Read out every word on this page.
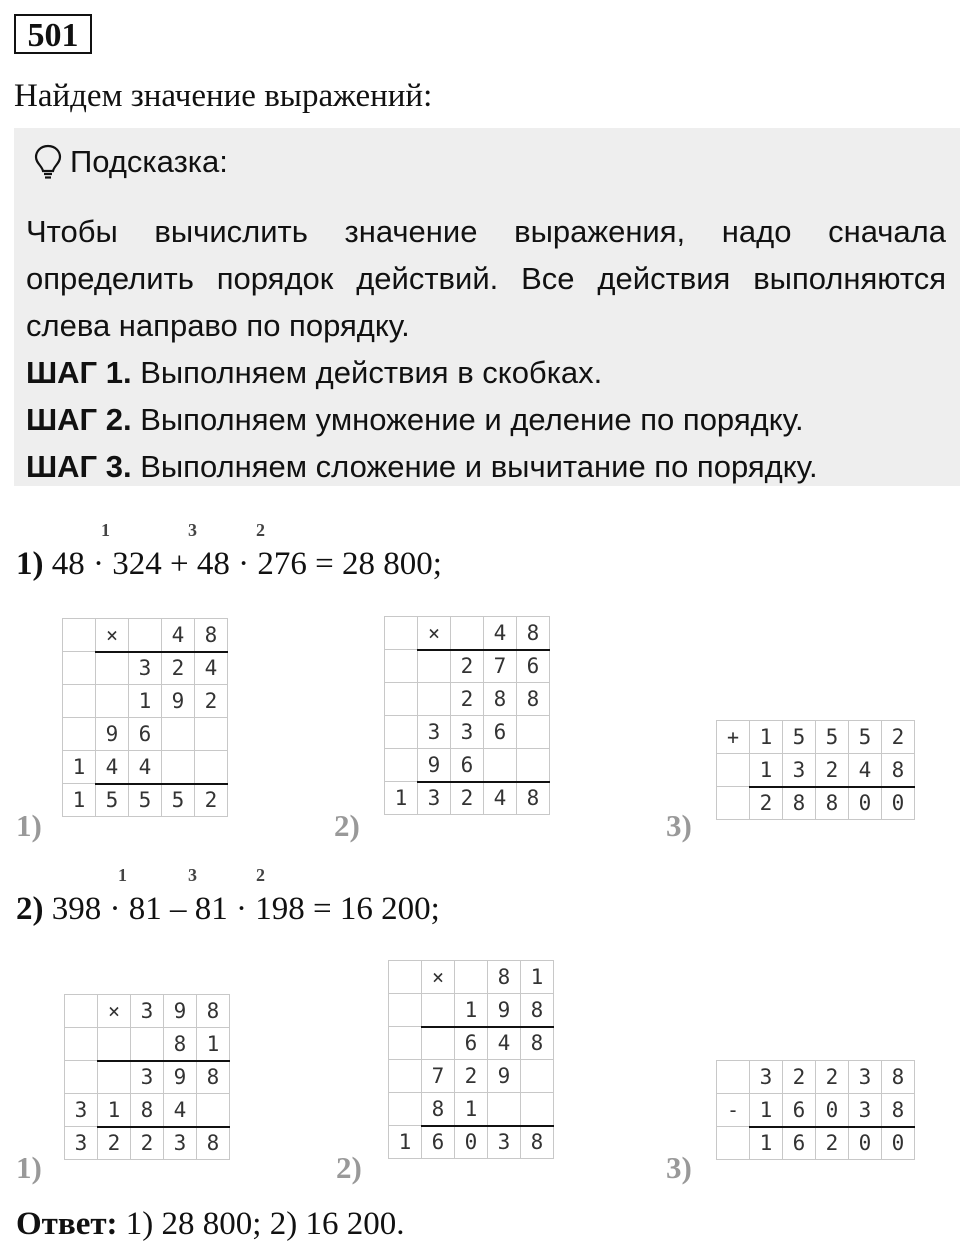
501
Найдем значение выражений:
Подсказка:

Чтобы вычислить значение выражения, надо сначала определить порядок действий. Все действия выполняются слева направо по порядку.

ШАГ 1. Выполняем действия в скобках.

ШАГ 2. Выполняем умножение и деление по порядку.

ШАГ 3. Выполняем сложение и вычитание по порядку.

1	3	2
1) 48 · 324 + 48 · 276 = 28 800;
1)	2)	3)
	×		4	8
		3	2	4
		1	9	2
	9	6		
1	4	4		
1	5	5	5	2
	×		4	8
		2	7	6
		2	8	8
	3	3	6	
	9	6		
1	3	2	4	8
+	1	5	5	5	2
	1	3	2	4	8
	2	8	8	0	0
1	3	2
2) 398 · 81 – 81 · 198 = 16 200;
1)	2)	3)
	×	3	9	8
			8	1
		3	9	8
3	1	8	4	
3	2	2	3	8
	×		8	1
		1	9	8
		6	4	8
	7	2	9	
	8	1		
1	6	0	3	8
	3	2	2	3	8
-	1	6	0	3	8
	1	6	2	0	0
Ответ: 1) 28 800; 2) 16 200.
